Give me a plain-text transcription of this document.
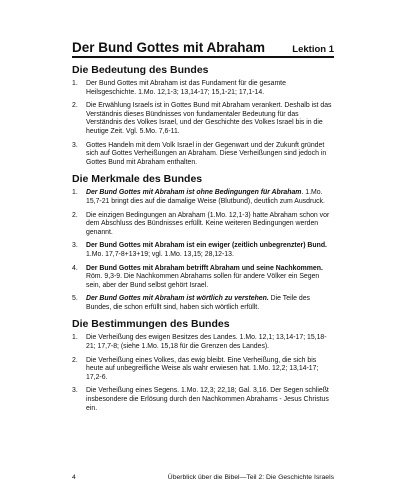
Der Bund Gottes mit Abraham	Lektion 1
Die Bedeutung des Bundes
1.	Der Bund Gottes mit Abraham ist das Fundament für die gesamte Heilsgeschichte. 1.Mo. 12,1-3; 13,14-17; 15,1-21; 17,1-14.
2.	Die Erwählung Israels ist in Gottes Bund mit Abraham verankert. Deshalb ist das Verständnis dieses Bündnisses von fundamentaler Bedeutung für das Verständnis des Volkes Israel, und der Geschichte des Volkes Israel bis in die heutige Zeit. Vgl. 5.Mo. 7,6-11.
3.	Gottes Handeln mit dem Volk Israel in der Gegenwart und der Zukunft gründet sich auf Gottes Verheißungen an Abraham. Diese Verheißungen sind jedoch in Gottes Bund mit Abraham enthalten.
Die Merkmale des Bundes
1.	Der Bund Gottes mit Abraham ist ohne Bedingungen für Abraham. 1.Mo. 15,7-21 bringt dies auf die damalige Weise (Blutbund), deutlich zum Ausdruck.
2.	Die einzigen Bedingungen an Abraham (1.Mo. 12,1-3) hatte Abraham schon vor dem Abschluss des Bündnisses erfüllt. Keine weiteren Bedingungen werden genannt.
3.	Der Bund Gottes mit Abraham ist ein ewiger (zeitlich unbegrenzter) Bund. 1.Mo. 17,7-8+13+19; vgl. 1.Mo. 13,15; 28,12-13.
4.	Der Bund Gottes mit Abraham betrifft Abraham und seine Nachkommen. Röm. 9,3-9. Die Nachkommen Abrahams sollen für andere Völker ein Segen sein, aber der Bund selbst gehört Israel.
5.	Der Bund Gottes mit Abraham ist wörtlich zu verstehen. Die Teile des Bundes, die schon erfüllt sind, haben sich wörtlich erfüllt.
Die Bestimmungen des Bundes
1.	Die Verheißung des ewigen Besitzes des Landes. 1.Mo. 12,1; 13,14-17; 15,18-21; 17,7-8; (siehe 1.Mo. 15,18 für die Grenzen des Landes).
2.	Die Verheißung eines Volkes, das ewig bleibt. Eine Verheißung, die sich bis heute auf unbegreifliche Weise als wahr erwiesen hat. 1.Mo. 12,2; 13,14-17; 17,2-6.
3.	Die Verheißung eines Segens. 1.Mo. 12,3; 22,18; Gal. 3,16. Der Segen schließt insbesondere die Erlösung durch den Nachkommen Abrahams - Jesus Christus ein.
4	Überblick über die Bibel—Teil 2: Die Geschichte Israels
